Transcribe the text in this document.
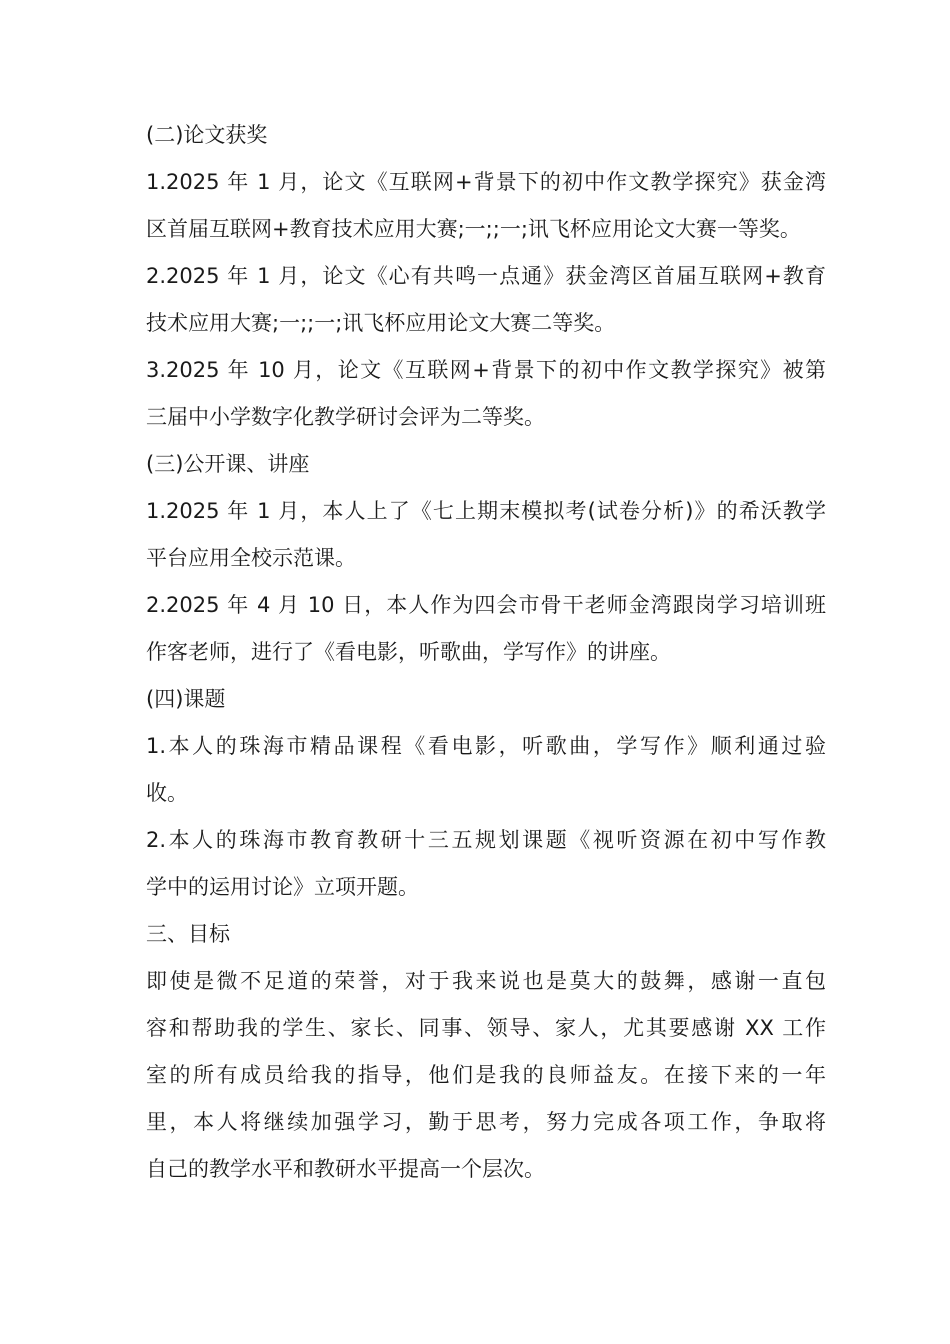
(二)论文获奖
1.2025 年 1 月，论文《互联网+背景下的初中作文教学探究》获金湾
区首届互联网+教育技术应用大赛;一;;一;讯飞杯应用论文大赛一等奖。
2.2025 年 1 月，论文《心有共鸣一点通》获金湾区首届互联网+教育
技术应用大赛;一;;一;讯飞杯应用论文大赛二等奖。
3.2025 年 10 月，论文《互联网+背景下的初中作文教学探究》被第
三届中小学数字化教学研讨会评为二等奖。
(三)公开课、讲座
1.2025 年 1 月，本人上了《七上期末模拟考(试卷分析)》的希沃教学
平台应用全校示范课。
2.2025 年 4 月 10 日，本人作为四会市骨干老师金湾跟岗学习培训班
作客老师，进行了《看电影，听歌曲，学写作》的讲座。
(四)课题
1.本人的珠海市精品课程《看电影，听歌曲，学写作》顺利通过验
收。
2.本人的珠海市教育教研十三五规划课题《视听资源在初中写作教
学中的运用讨论》立项开题。
三、目标
即使是微不足道的荣誉，对于我来说也是莫大的鼓舞，感谢一直包
容和帮助我的学生、家长、同事、领导、家人，尤其要感谢 XX 工作
室的所有成员给我的指导，他们是我的良师益友。在接下来的一年
里，本人将继续加强学习，勤于思考，努力完成各项工作，争取将
自己的教学水平和教研水平提高一个层次。
